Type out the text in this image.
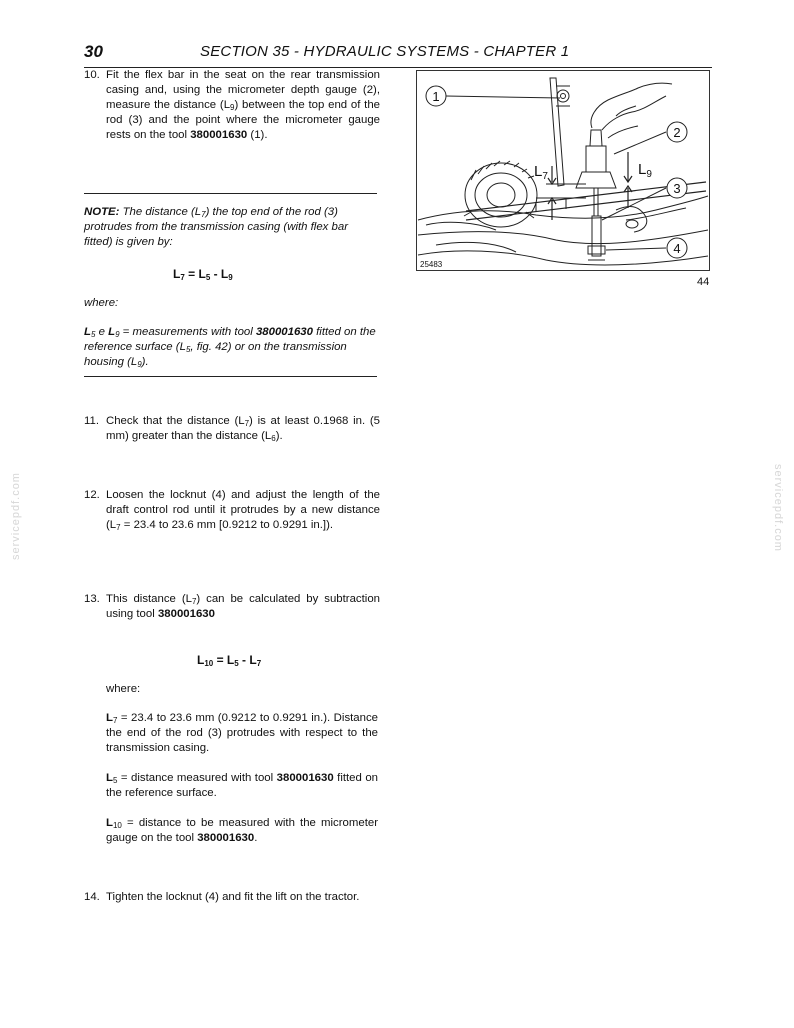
30	SECTION 35 - HYDRAULIC SYSTEMS - CHAPTER 1
10. Fit the flex bar in the seat on the rear transmission casing and, using the micrometer depth gauge (2), measure the distance $(L_9)$ between the top end of the rod (3) and the point where the micrometer gauge rests on the tool 380001630 (1).
NOTE: The distance $(L_7)$ the top end of the rod (3) protrudes from the transmission casing (with flex bar fitted) is given by:
$L_7 = L_5 - L_9$
where:
$L_5$ e $L_9$ = measurements with tool 380001630 fitted on the reference surface ($L_5$, fig. 42) or on the transmission housing $(L_9)$.
11. Check that the distance $(L_7)$ is at least 0.1968 in. (5 mm) greater than the distance $(L_6)$.
12. Loosen the locknut (4) and adjust the length of the draft control rod until it protrudes by a new distance ($L_7 = 23.4$ to 23.6 mm [0.9212 to 0.9291 in.]).
13. This distance $(L_7)$ can be calculated by subtraction using tool 380001630
$L_{10} = L_5 - L_7$
where:
$L_7 = 23.4$ to 23.6 mm (0.9212 to 0.9291 in.). Distance the end of the rod (3) protrudes with respect to the transmission casing.
$L_5$ = distance measured with tool 380001630 fitted on the reference surface.
$L_{10}$ = distance to be measured with the micrometer gauge on the tool 380001630.
14. Tighten the locknut (4) and fit the lift on the tractor.
1
2
3
4
$L_7$	$L_9$
25483
44
servicepdf.com	servicepdf.com
